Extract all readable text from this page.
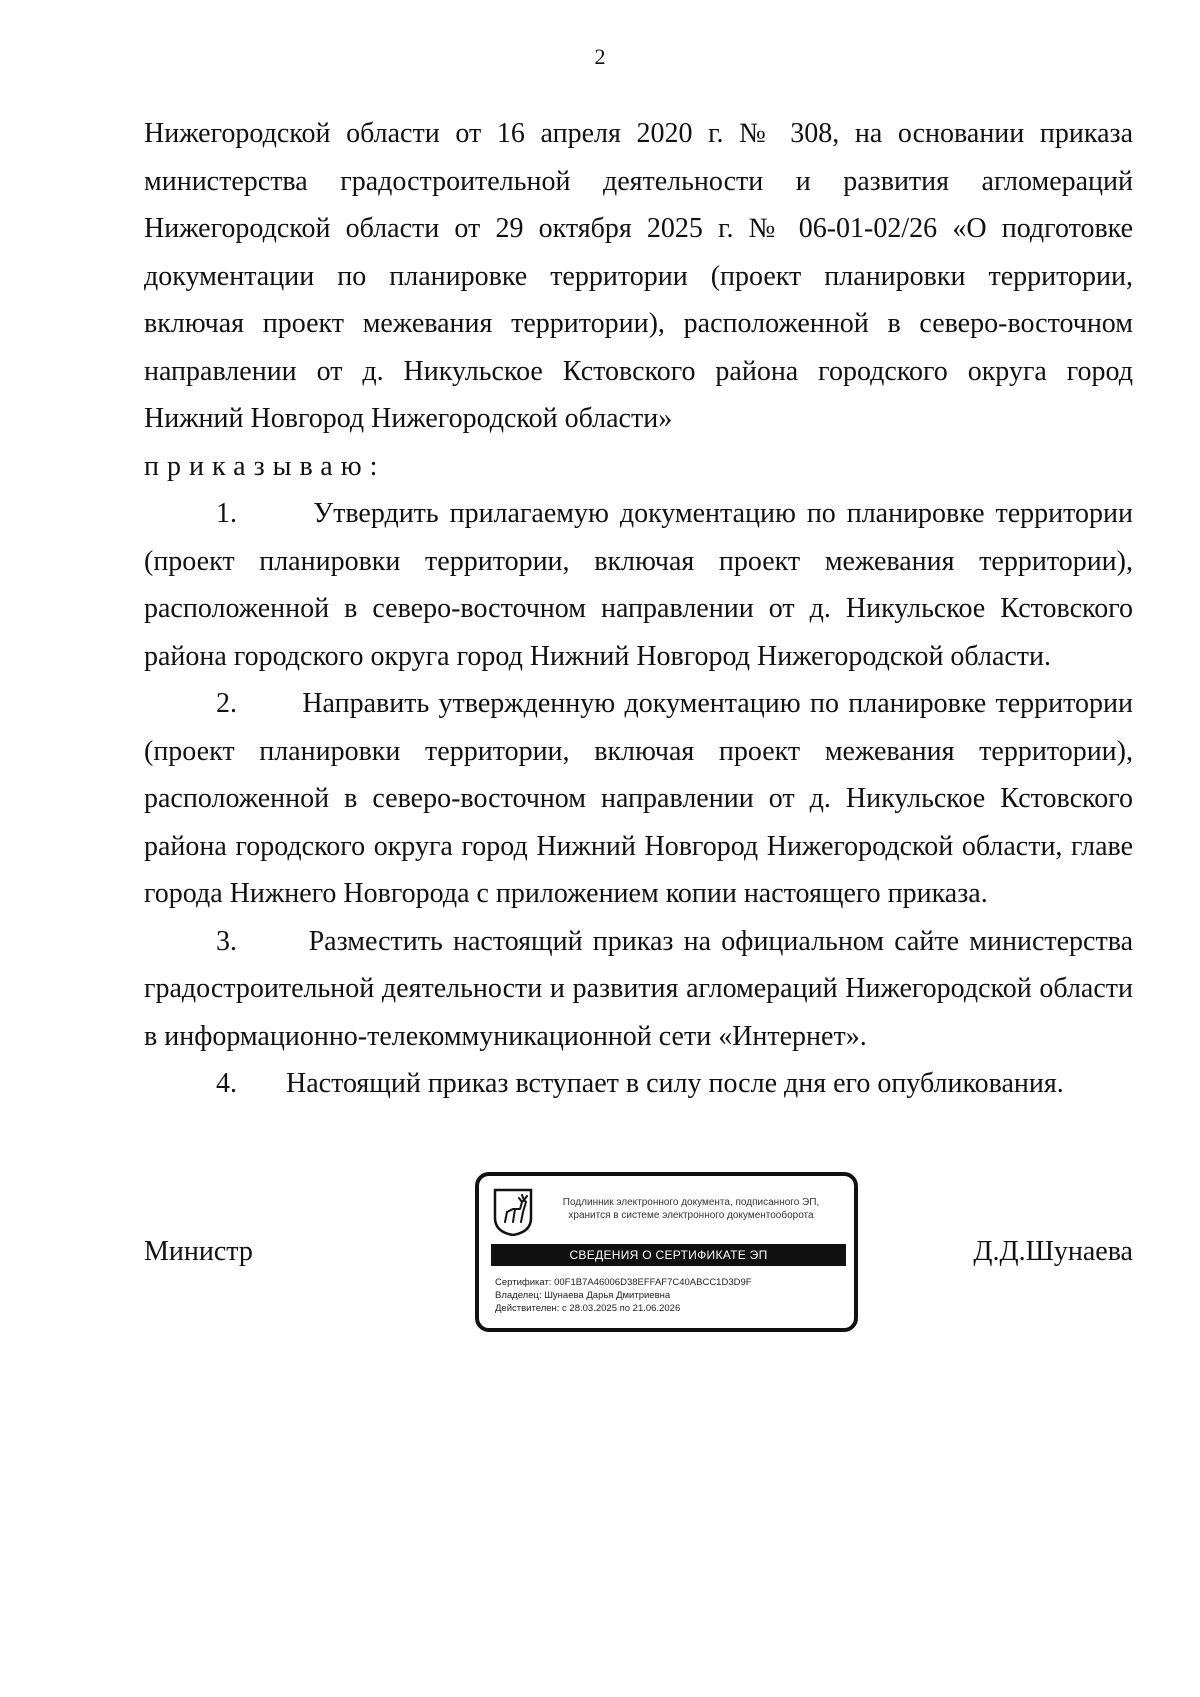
2

Нижегородской области от 16 апреля 2020 г. № 308, на основании приказа министерства градостроительной деятельности и развития агломераций Нижегородской области от 29 октября 2025 г. № 06-01-02/26 «О подготовке документации по планировке территории (проект планировки территории, включая проект межевания территории), расположенной в северо-восточном направлении от д. Никульское Кстовского района городского округа город Нижний Новгород Нижегородской области»

приказываю:

1.       Утвердить прилагаемую документацию по планировке территории (проект планировки территории, включая проект межевания территории), расположенной в северо-восточном направлении от д. Никульское Кстовского района городского округа город Нижний Новгород Нижегородской области.

2.       Направить утвержденную документацию по планировке территории (проект планировки территории, включая проект межевания территории), расположенной в северо-восточном направлении от д. Никульское Кстовского района городского округа город Нижний Новгород Нижегородской области, главе города Нижнего Новгорода с приложением копии настоящего приказа.

3.       Разместить настоящий приказ на официальном сайте министерства градостроительной деятельности и развития агломераций Нижегородской области в информационно-телекоммуникационной сети «Интернет».

4.       Настоящий приказ вступает в силу после дня его опубликования.

Министр	Д.Д.Шунаева
Подлинник электронного документа, подписанного ЭП,
хранится в системе электронного документооборота
СВЕДЕНИЯ О СЕРТИФИКАТЕ ЭП
Сертификат: 00F1B7A46006D38EFFAF7C40ABCC1D3D9F
Владелец: Шунаева Дарья Дмитриевна
Действителен: с 28.03.2025 по 21.06.2026
